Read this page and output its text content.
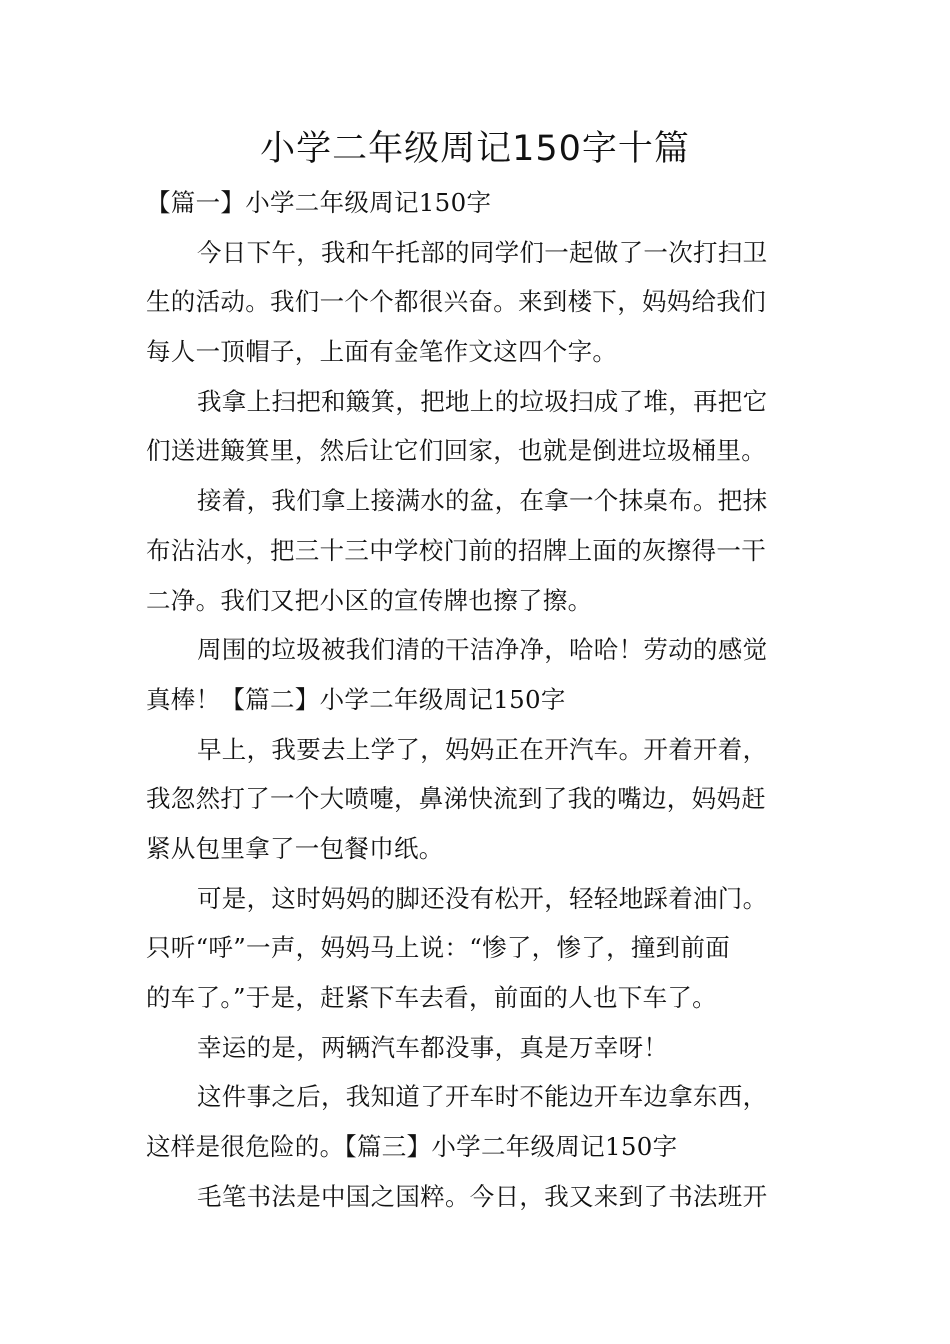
小学二年级周记150字十篇
【篇一】小学二年级周记150字
今日下午，我和午托部的同学们一起做了一次打扫卫
生的活动。我们一个个都很兴奋。来到楼下，妈妈给我们
每人一顶帽子，上面有金笔作文这四个字。
我拿上扫把和簸箕，把地上的垃圾扫成了堆，再把它
们送进簸箕里，然后让它们回家，也就是倒进垃圾桶里。
接着，我们拿上接满水的盆，在拿一个抹桌布。把抹
布沾沾水，把三十三中学校门前的招牌上面的灰擦得一干
二净。我们又把小区的宣传牌也擦了擦。
周围的垃圾被我们清的干洁净净，哈哈！劳动的感觉
真棒！【篇二】小学二年级周记150字
早上，我要去上学了，妈妈正在开汽车。开着开着，
我忽然打了一个大喷嚏，鼻涕快流到了我的嘴边，妈妈赶
紧从包里拿了一包餐巾纸。
可是，这时妈妈的脚还没有松开，轻轻地踩着油门。
只听“呼”一声，妈妈马上说：“惨了，惨了，撞到前面
的车了。”于是，赶紧下车去看，前面的人也下车了。
幸运的是，两辆汽车都没事，真是万幸呀！
这件事之后，我知道了开车时不能边开车边拿东西，
这样是很危险的。【篇三】小学二年级周记150字
毛笔书法是中国之国粹。今日，我又来到了书法班开
